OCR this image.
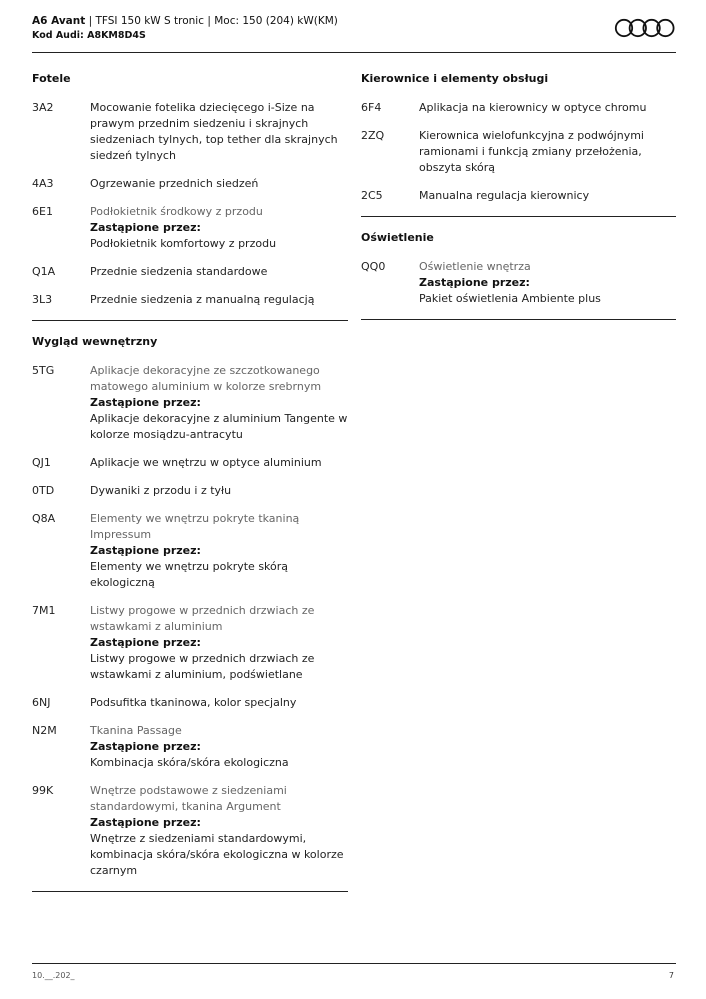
A6 Avant | TFSI 150 kW S tronic | Moc: 150 (204) kW(KM)
Kod Audi: A8KM8D4S
Fotele
3A2	Mocowanie fotelika dziecięcego i-Size na prawym przednim siedzeniu i skrajnych siedzeniach tylnych, top tether dla skrajnych siedzeń tylnych
4A3	Ogrzewanie przednich siedzeń
6E1	Podłokietnik środkowy z przodu
Zastąpione przez:
Podłokietnik komfortowy z przodu
Q1A	Przednie siedzenia standardowe
3L3	Przednie siedzenia z manualną regulacją
Wygląd wewnętrzny
5TG	Aplikacje dekoracyjne ze szczotkowanego matowego aluminium w kolorze srebrnym
Zastąpione przez:
Aplikacje dekoracyjne z aluminium Tangente w kolorze mosiądzu-antracytu
QJ1	Aplikacje we wnętrzu w optyce aluminium
0TD	Dywaniki z przodu i z tyłu
Q8A	Elementy we wnętrzu pokryte tkaniną Impressum
Zastąpione przez:
Elementy we wnętrzu pokryte skórą ekologiczną
7M1	Listwy progowe w przednich drzwiach ze wstawkami z aluminium
Zastąpione przez:
Listwy progowe w przednich drzwiach ze wstawkami z aluminium, podświetlane
6NJ	Podsufitka tkaninowa, kolor specjalny
N2M	Tkanina Passage
Zastąpione przez:
Kombinacja skóra/skóra ekologiczna
99K	Wnętrze podstawowe z siedzeniami standardowymi, tkanina Argument
Zastąpione przez:
Wnętrze z siedzeniami standardowymi, kombinacja skóra/skóra ekologiczna w kolorze czarnym
Kierownice i elementy obsługi
6F4	Aplikacja na kierownicy w optyce chromu
2ZQ	Kierownica wielofunkcyjna z podwójnymi ramionami i funkcją zmiany przełożenia, obszyta skórą
2C5	Manualna regulacja kierownicy
Oświetlenie
QQ0	Oświetlenie wnętrza
Zastąpione przez:
Pakiet oświetlenia Ambiente plus
10.__.202_	7
